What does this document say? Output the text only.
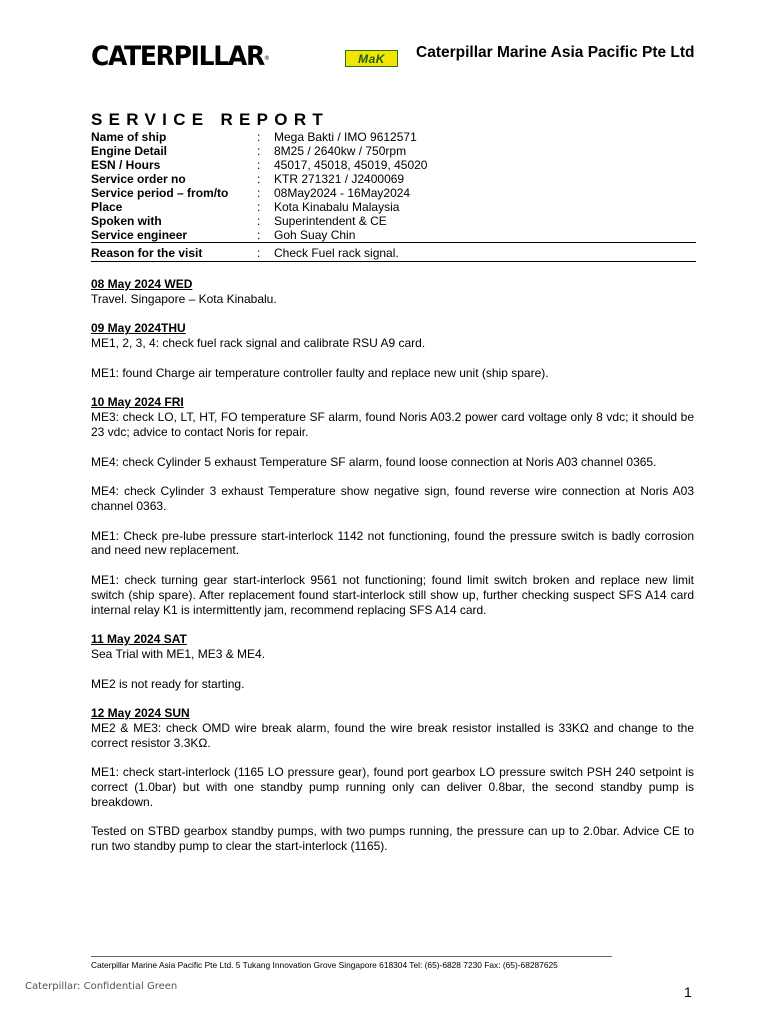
CATERPILLAR®	MaK	Caterpillar Marine Asia Pacific Pte Ltd
SERVICE REPORT
Name of ship	: Mega Bakti / IMO 9612571
Engine Detail	: 8M25 / 2640kw / 750rpm
ESN / Hours	: 45017, 45018, 45019, 45020
Service order no	: KTR 271321 / J2400069
Service period – from/to : 08May2024 - 16May2024
Place	: Kota Kinabalu Malaysia
Spoken with	: Superintendent & CE
Service engineer	: Goh Suay Chin
Reason for the visit	: Check Fuel rack signal.
08 May 2024 WED

Travel. Singapore – Kota Kinabalu.

09 May 2024THU

ME1, 2, 3, 4: check fuel rack signal and calibrate RSU A9 card.

ME1: found Charge air temperature controller faulty and replace new unit (ship spare).

10 May 2024 FRI

ME3: check LO, LT, HT, FO temperature SF alarm, found Noris A03.2 power card voltage only 8 vdc; it should be 23 vdc; advice to contact Noris for repair.

ME4: check Cylinder 5 exhaust Temperature SF alarm, found loose connection at Noris A03 channel 0365.

ME4: check Cylinder 3 exhaust Temperature show negative sign, found reverse wire connection at Noris A03 channel 0363.

ME1: Check pre-lube pressure start-interlock 1142 not functioning, found the pressure switch is badly corrosion and need new replacement.

ME1: check turning gear start-interlock 9561 not functioning; found limit switch broken and replace new limit switch (ship spare). After replacement found start-interlock still show up, further checking suspect SFS A14 card internal relay K1 is intermittently jam, recommend replacing SFS A14 card.

11 May 2024 SAT

Sea Trial with ME1, ME3 & ME4.

ME2 is not ready for starting.

12 May 2024 SUN

ME2 & ME3: check OMD wire break alarm, found the wire break resistor installed is 33KΩ and change to the correct resistor 3.3KΩ.

ME1: check start-interlock (1165 LO pressure gear), found port gearbox LO pressure switch PSH 240 setpoint is correct (1.0bar) but with one standby pump running only can deliver 0.8bar, the second standby pump is breakdown.

Tested on STBD gearbox standby pumps, with two pumps running, the pressure can up to 2.0bar. Advice CE to run two standby pump to clear the start-interlock (1165).

Caterpillar Marine Asia Pacific Pte Ltd. 5 Tukang Innovation Grove Singapore 618304 Tel: (65)-6828 7230 Fax: (65)-68287625
Caterpillar: Confidential Green	1
